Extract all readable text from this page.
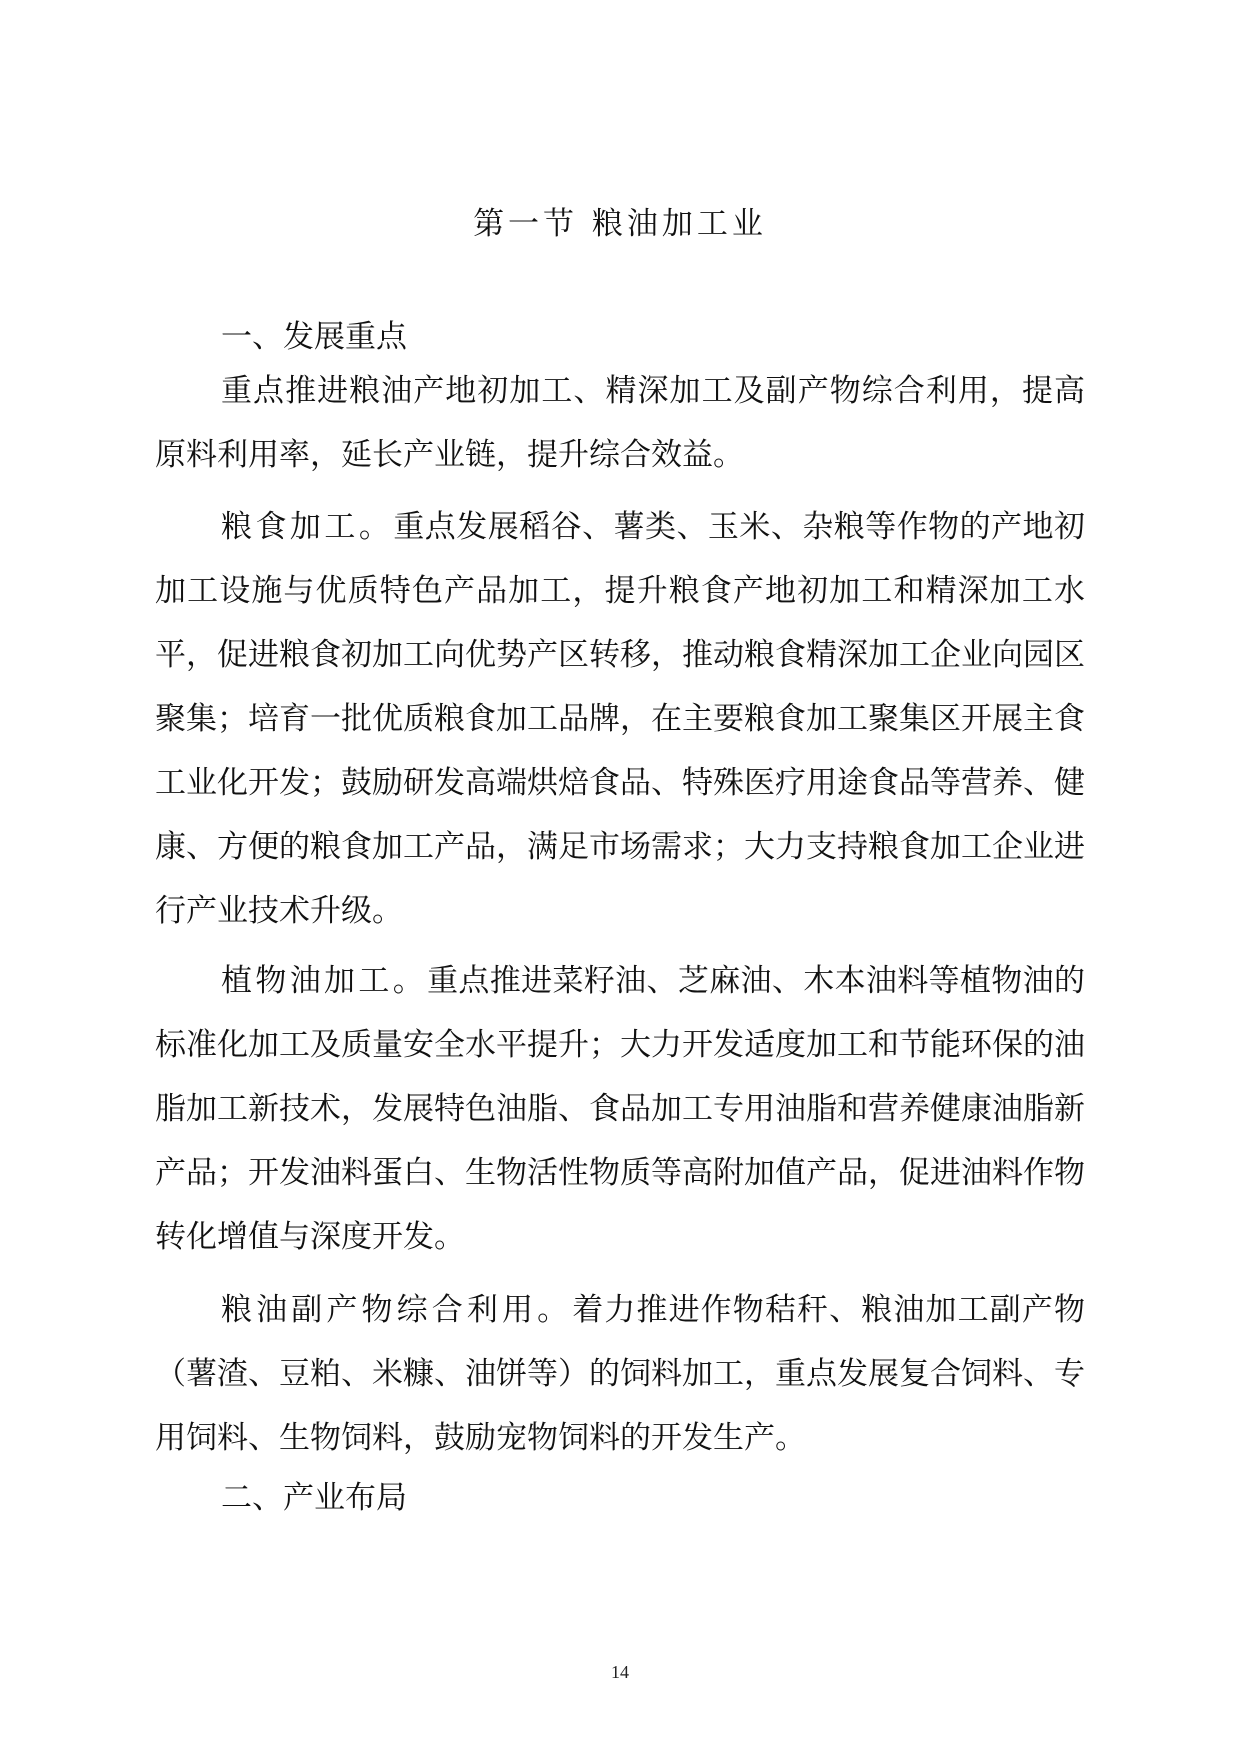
第一节 粮油加工业

一、发展重点

重点推进粮油产地初加工、精深加工及副产物综合利用，提高原料利用率，延长产业链，提升综合效益。

粮食加工。重点发展稻谷、薯类、玉米、杂粮等作物的产地初加工设施与优质特色产品加工，提升粮食产地初加工和精深加工水平，促进粮食初加工向优势产区转移，推动粮食精深加工企业向园区聚集；培育一批优质粮食加工品牌，在主要粮食加工聚集区开展主食工业化开发；鼓励研发高端烘焙食品、特殊医疗用途食品等营养、健康、方便的粮食加工产品，满足市场需求；大力支持粮食加工企业进行产业技术升级。

植物油加工。重点推进菜籽油、芝麻油、木本油料等植物油的标准化加工及质量安全水平提升；大力开发适度加工和节能环保的油脂加工新技术，发展特色油脂、食品加工专用油脂和营养健康油脂新产品；开发油料蛋白、生物活性物质等高附加值产品，促进油料作物转化增值与深度开发。

粮油副产物综合利用。着力推进作物秸秆、粮油加工副产物（薯渣、豆粕、米糠、油饼等）的饲料加工，重点发展复合饲料、专用饲料、生物饲料，鼓励宠物饲料的开发生产。

二、产业布局

14
